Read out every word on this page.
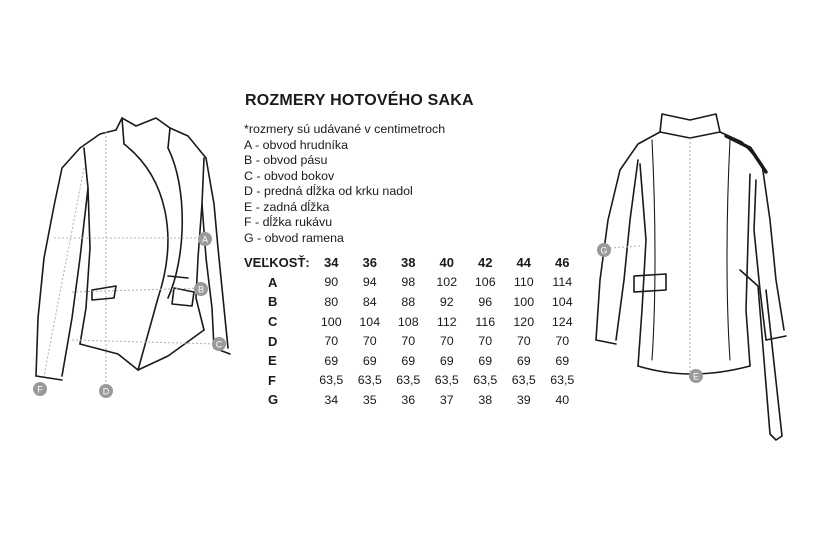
A
B
C
D
F
G
E
ROZMERY HOTOVÉHO SAKA
*rozmery sú udávané v centimetroch
A - obvod hrudníka
B - obvod pásu
C - obvod bokov
D - predná dĺžka od krku nadol
E - zadná dĺžka
F - dĺžka rukávu
G - obvod ramena
VEĽKOSŤ:	34	36	38	40	42	44	46
A	90	94	98	102	106	110	114
B	80	84	88	92	96	100	104
C	100	104	108	112	116	120	124
D	70	70	70	70	70	70	70
E	69	69	69	69	69	69	69
F	63,5	63,5	63,5	63,5	63,5	63,5	63,5
G	34	35	36	37	38	39	40
